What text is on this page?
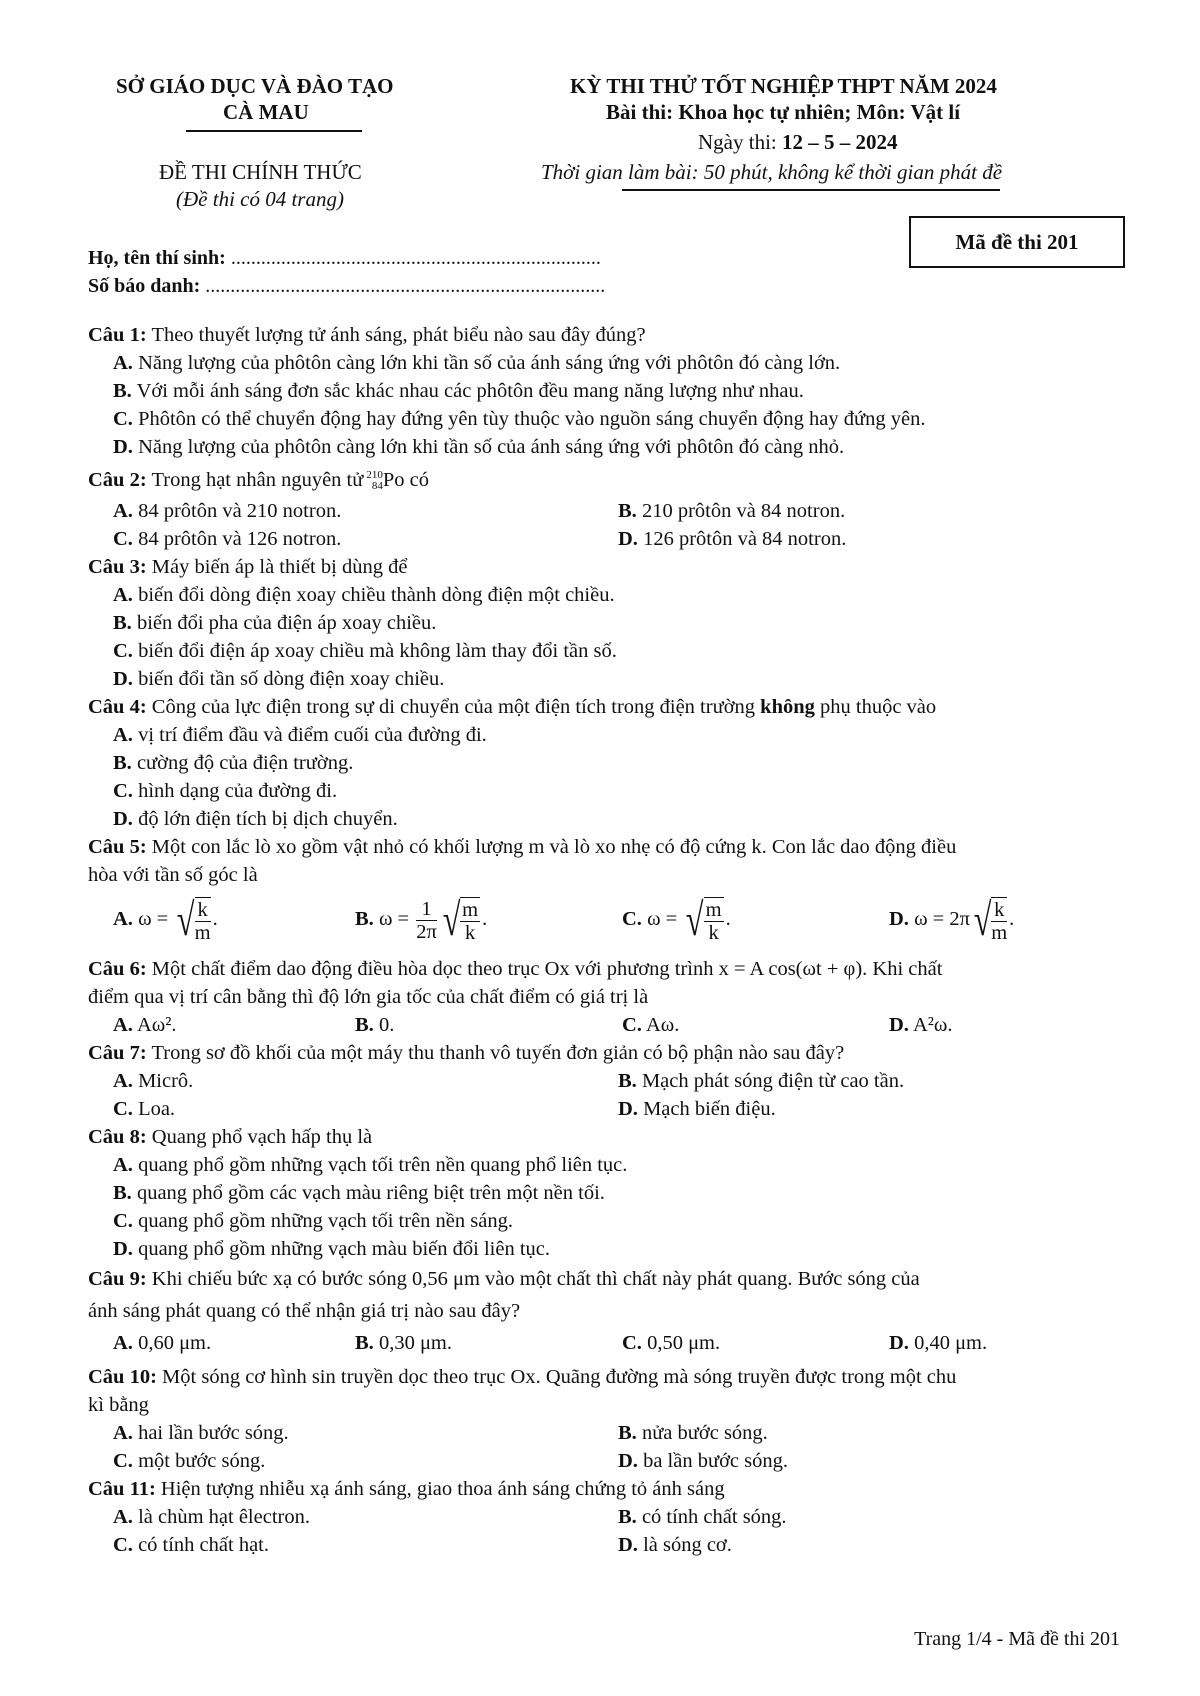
SỞ GIÁO DỤC VÀ ĐÀO TẠO
CÀ MAU
ĐỀ THI CHÍNH THỨC
(Đề thi có 04 trang)
KỲ THI THỬ TỐT NGHIỆP THPT NĂM 2024
Bài thi: Khoa học tự nhiên; Môn: Vật lí
Ngày thi: 12 – 5 – 2024
Thời gian làm bài: 50 phút, không kể thời gian phát đề
Mã đề thi 201
Họ, tên thí sinh: ..........................................................................
Số báo danh: ................................................................................
Câu 1: Theo thuyết lượng tử ánh sáng, phát biểu nào sau đây đúng?
A. Năng lượng của phôtôn càng lớn khi tần số của ánh sáng ứng với phôtôn đó càng lớn.
B. Với mỗi ánh sáng đơn sắc khác nhau các phôtôn đều mang năng lượng như nhau.
C. Phôtôn có thể chuyển động hay đứng yên tùy thuộc vào nguồn sáng chuyển động hay đứng yên.
D. Năng lượng của phôtôn càng lớn khi tần số của ánh sáng ứng với phôtôn đó càng nhỏ.
Câu 2: Trong hạt nhân nguyên tử 210
84 Po có
A. 84 prôtôn và 210 notron.	B. 210 prôtôn và 84 notron.
C. 84 prôtôn và 126 notron.	D. 126 prôtôn và 84 notron.
Câu 3: Máy biến áp là thiết bị dùng để
A. biến đổi dòng điện xoay chiều thành dòng điện một chiều.
B. biến đổi pha của điện áp xoay chiều.
C. biến đổi điện áp xoay chiều mà không làm thay đổi tần số.
D. biến đổi tần số dòng điện xoay chiều.
Câu 4: Công của lực điện trong sự di chuyển của một điện tích trong điện trường không phụ thuộc vào
A. vị trí điểm đầu và điểm cuối của đường đi.
B. cường độ của điện trường.
C. hình dạng của đường đi.
D. độ lớn điện tích bị dịch chuyển.
Câu 5: Một con lắc lò xo gồm vật nhỏ có khối lượng m và lò xo nhẹ có độ cứng k. Con lắc dao động điều
hòa với tần số góc là
A. ω = √ $\frac{k}{m}$ .	B. $\omega = \frac{1}{2\pi}$ √ $\frac{m}{k}$ .	C. ω = √ $\frac{m}{k}$ .	D. ω = 2π √ $\frac{k}{m}$ .
Câu 6: Một chất điểm dao động điều hòa dọc theo trục Ox với phương trình x = A cos(ωt + φ). Khi chất
điểm qua vị trí cân bằng thì độ lớn gia tốc của chất điểm có giá trị là
A. Aω².	B. 0.	C. Aω.	D. A²ω.
Câu 7: Trong sơ đồ khối của một máy thu thanh vô tuyến đơn giản có bộ phận nào sau đây?
A. Micrô.	B. Mạch phát sóng điện từ cao tần.
C. Loa.	D. Mạch biến điệu.
Câu 8: Quang phổ vạch hấp thụ là
A. quang phổ gồm những vạch tối trên nền quang phổ liên tục.
B. quang phổ gồm các vạch màu riêng biệt trên một nền tối.
C. quang phổ gồm những vạch tối trên nền sáng.
D. quang phổ gồm những vạch màu biến đổi liên tục.
Câu 9: Khi chiếu bức xạ có bước sóng 0,56 μm vào một chất thì chất này phát quang. Bước sóng của
ánh sáng phát quang có thể nhận giá trị nào sau đây?
A. 0,60 μm.	B. 0,30 μm.	C. 0,50 μm.	D. 0,40 μm.
Câu 10: Một sóng cơ hình sin truyền dọc theo trục Ox. Quãng đường mà sóng truyền được trong một chu
kì bằng
A. hai lần bước sóng.	B. nửa bước sóng.
C. một bước sóng.	D. ba lần bước sóng.
Câu 11: Hiện tượng nhiễu xạ ánh sáng, giao thoa ánh sáng chứng tỏ ánh sáng
A. là chùm hạt êlectron.	B. có tính chất sóng.
C. có tính chất hạt.	D. là sóng cơ.
Trang 1/4 - Mã đề thi 201
